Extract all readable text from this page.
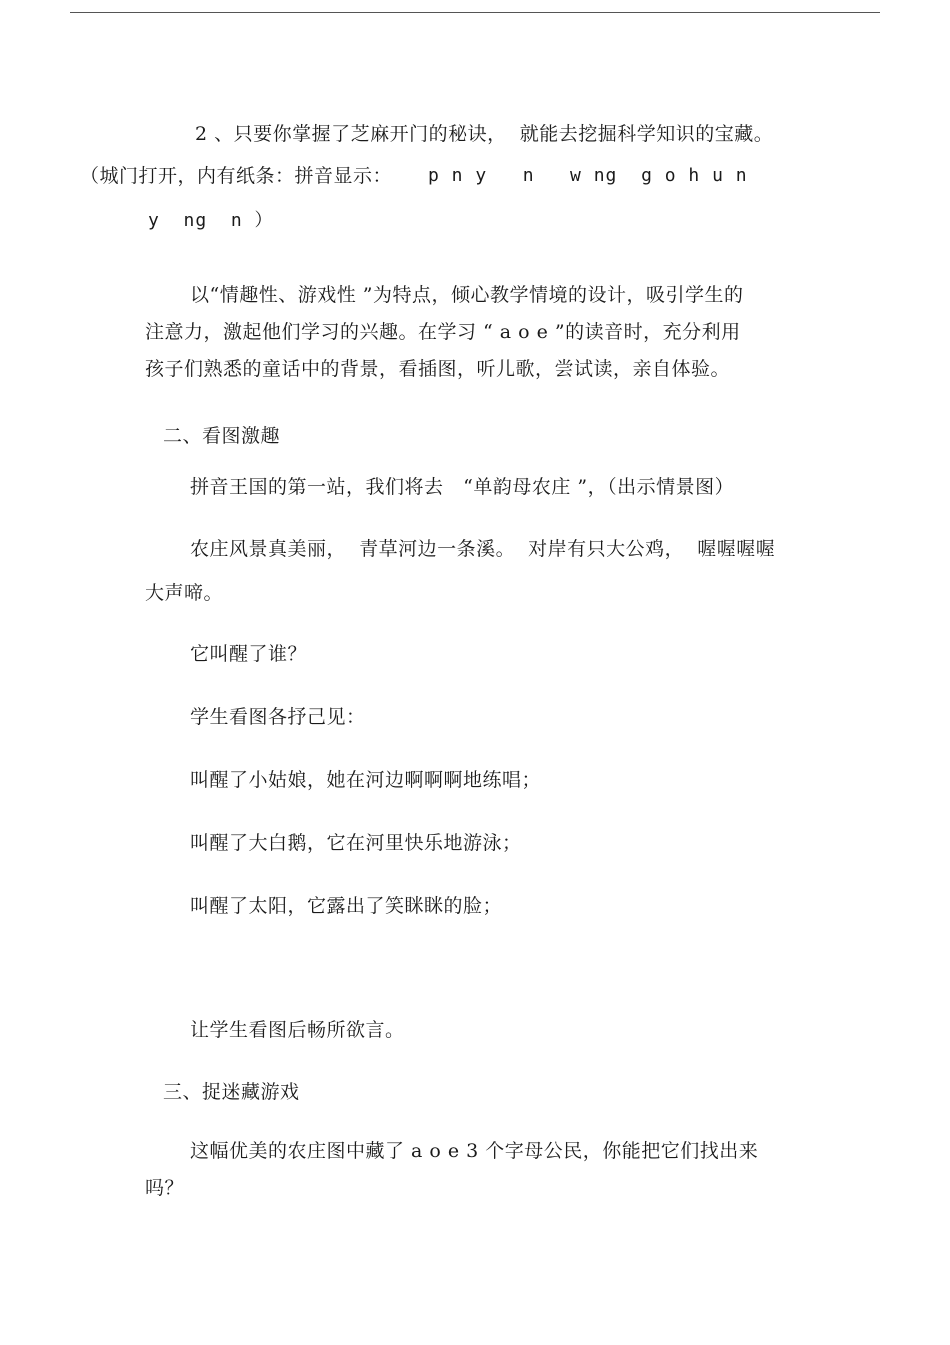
2 、只要你掌握了芝麻开门的秘诀，  就能去挖掘科学知识的宝藏。
（城门打开，内有纸条：拼音显示： p n y   n   w ng  g o h u n
y  ng  n ）
以“情趣性、游戏性 ”为特点，倾心教学情境的设计，吸引学生的
注意力，激起他们学习的兴趣。在学习 “ a o e ”的读音时，充分利用
孩子们熟悉的童话中的背景，看插图，听儿歌，尝试读，亲自体验。
二、看图激趣
拼音王国的第一站，我们将去   “单韵母农庄 ”，（出示情景图）
农庄风景真美丽，  青草河边一条溪。  对岸有只大公鸡，  喔喔喔喔
大声啼。
它叫醒了谁？
学生看图各抒己见：
叫醒了小姑娘，她在河边啊啊啊地练唱；
叫醒了大白鹅，它在河里快乐地游泳；
叫醒了太阳，它露出了笑眯眯的脸；
让学生看图后畅所欲言。
三、捉迷藏游戏
这幅优美的农庄图中藏了 a o e 3 个字母公民，你能把它们找出来
吗？
